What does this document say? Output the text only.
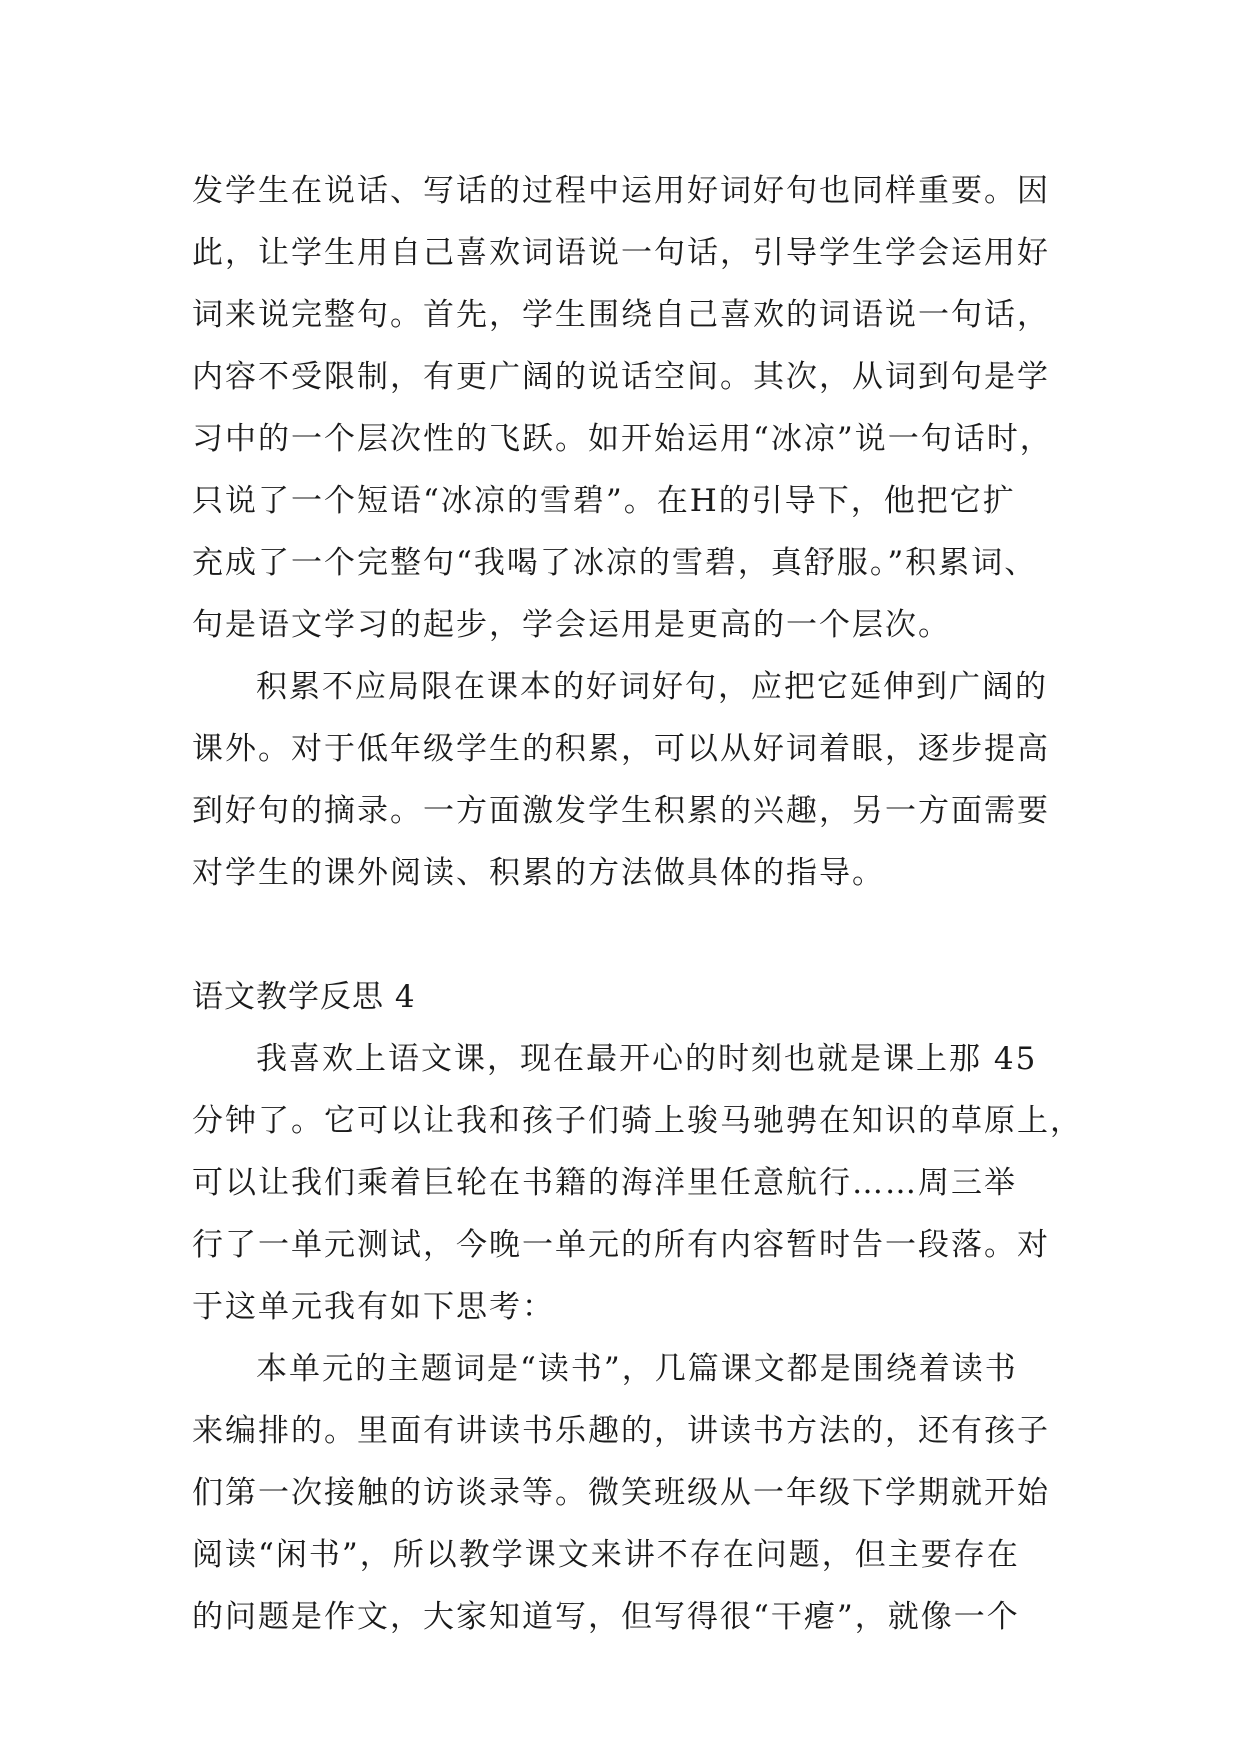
发学生在说话、写话的过程中运用好词好句也同样重要。因
此，让学生用自己喜欢词语说一句话，引导学生学会运用好
词来说完整句。首先，学生围绕自己喜欢的词语说一句话，
内容不受限制，有更广阔的说话空间。其次，从词到句是学
习中的一个层次性的飞跃。如开始运用“冰凉”说一句话时，
只说了一个短语“冰凉的雪碧”。在H的引导下，他把它扩
充成了一个完整句“我喝了冰凉的雪碧，真舒服。”积累词、
句是语文学习的起步，学会运用是更高的一个层次。
积累不应局限在课本的好词好句，应把它延伸到广阔的
课外。对于低年级学生的积累，可以从好词着眼，逐步提高
到好句的摘录。一方面激发学生积累的兴趣，另一方面需要
对学生的课外阅读、积累的方法做具体的指导。
语文教学反思 4
我喜欢上语文课，现在最开心的时刻也就是课上那 45
分钟了。它可以让我和孩子们骑上骏马驰骋在知识的草原上，
可以让我们乘着巨轮在书籍的海洋里任意航行……周三举
行了一单元测试，今晚一单元的所有内容暂时告一段落。对
于这单元我有如下思考：
本单元的主题词是“读书”，几篇课文都是围绕着读书
来编排的。里面有讲读书乐趣的，讲读书方法的，还有孩子
们第一次接触的访谈录等。微笑班级从一年级下学期就开始
阅读“闲书”，所以教学课文来讲不存在问题，但主要存在
的问题是作文，大家知道写，但写得很“干瘪”，就像一个
